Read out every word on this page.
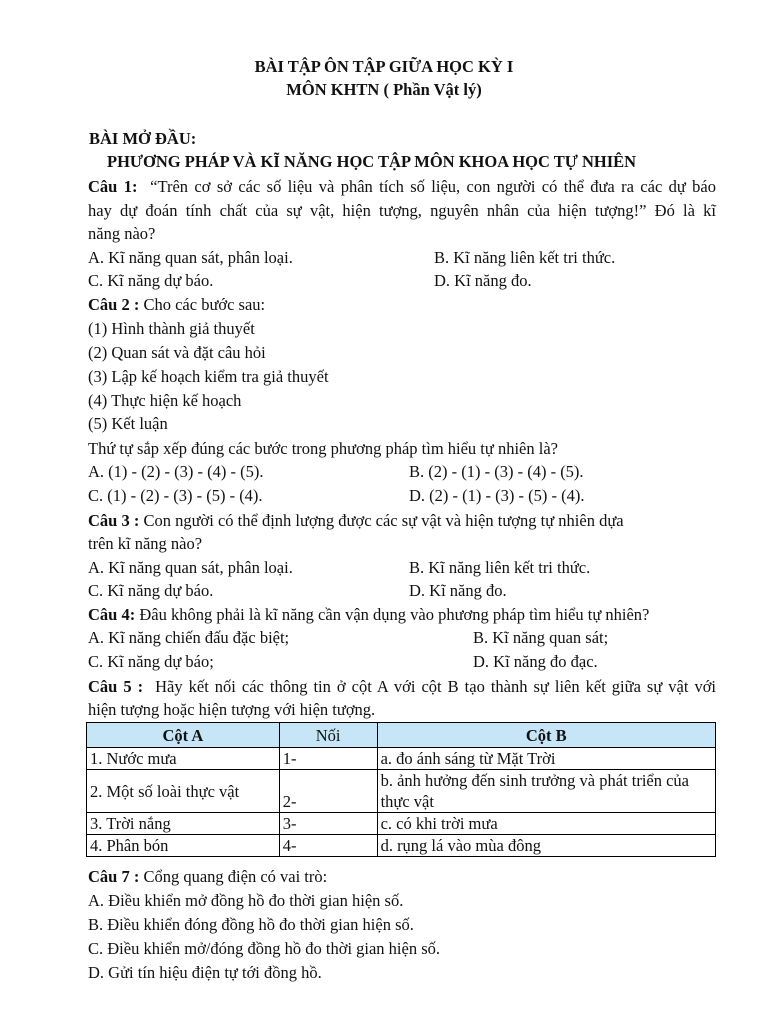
BÀI TẬP ÔN TẬP GIỮA HỌC KỲ I
MÔN KHTN ( Phần Vật lý)
BÀI MỞ ĐẦU:
PHƯƠNG PHÁP VÀ KĨ NĂNG HỌC TẬP MÔN KHOA HỌC TỰ NHIÊN
Câu 1: “Trên cơ sở các số liệu và phân tích số liệu, con người có thể đưa ra các dự báo
hay dự đoán tính chất của sự vật, hiện tượng, nguyên nhân của hiện tượng!” Đó là kĩ
năng nào?
A. Kĩ năng quan sát, phân loại.	B. Kĩ năng liên kết tri thức.
C. Kĩ năng dự báo.	D. Kĩ năng đo.
Câu 2 : Cho các bước sau:
(1) Hình thành giả thuyết
(2) Quan sát và đặt câu hỏi
(3) Lập kế hoạch kiểm tra giả thuyết
(4) Thực hiện kế hoạch
(5) Kết luận
Thứ tự sắp xếp đúng các bước trong phương pháp tìm hiểu tự nhiên là?
A. (1) - (2) - (3) - (4) - (5).	B. (2) - (1) - (3) - (4) - (5).
C. (1) - (2) - (3) - (5) - (4).	D. (2) - (1) - (3) - (5) - (4).
Câu 3 : Con người có thể định lượng được các sự vật và hiện tượng tự nhiên dựa
trên kĩ năng nào?
A. Kĩ năng quan sát, phân loại.	B. Kĩ năng liên kết tri thức.
C. Kĩ năng dự báo.	D. Kĩ năng đo.
Câu 4: Đâu không phải là kĩ năng cần vận dụng vào phương pháp tìm hiểu tự nhiên?
A. Kĩ năng chiến đấu đặc biệt;	B. Kĩ năng quan sát;
C. Kĩ năng dự báo;	D. Kĩ năng đo đạc.
Câu 5 : Hãy kết nối các thông tin ở cột A với cột B tạo thành sự liên kết giữa sự vật với
hiện tượng hoặc hiện tượng với hiện tượng.
Cột A	Nối	Cột B
1. Nước mưa	1-	a. đo ánh sáng từ Mặt Trời
2. Một số loài thực vật	2-	b. ảnh hưởng đến sinh trưởng và phát triển của thực vật
3. Trời nắng	3-	c. có khi trời mưa
4. Phân bón	4-	d. rụng lá vào mùa đông
Câu 7 : Cổng quang điện có vai trò:
A. Điều khiển mở đồng hồ đo thời gian hiện số.
B. Điều khiển đóng đồng hồ đo thời gian hiện số.
C. Điều khiển mở/đóng đồng hồ đo thời gian hiện số.
D. Gửi tín hiệu điện tự tới đồng hồ.
